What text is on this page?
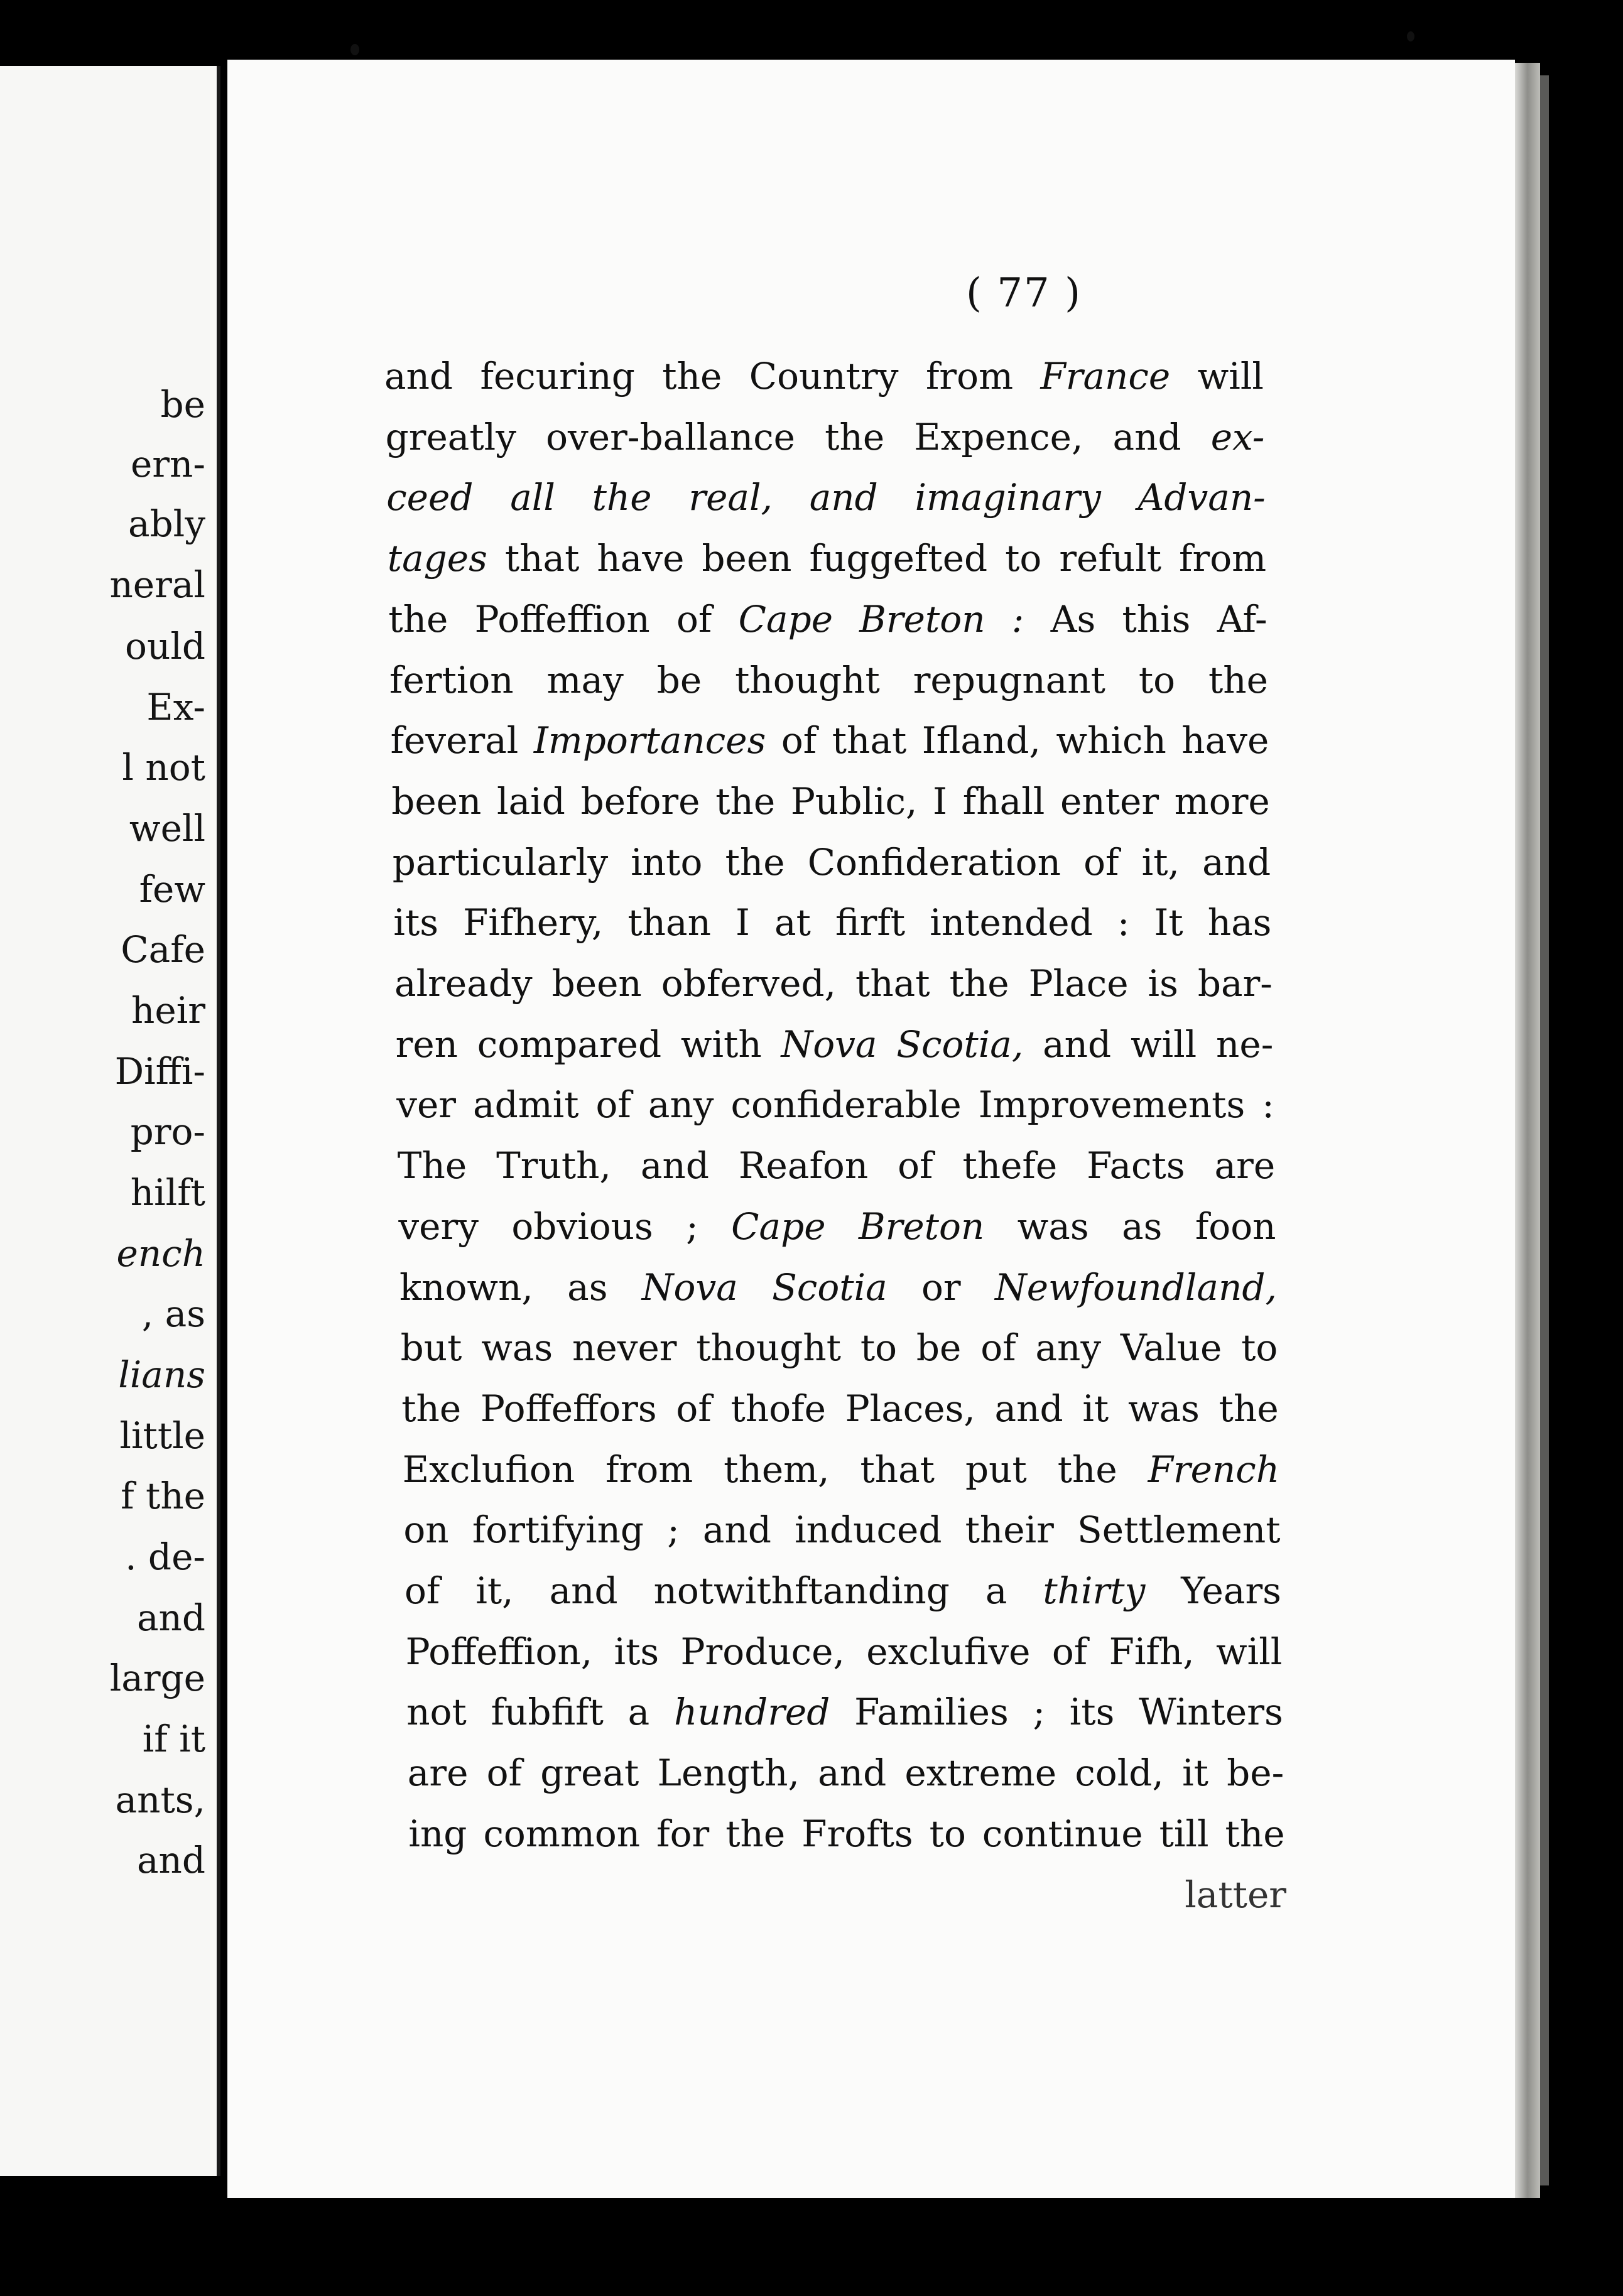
be
ern-
ably
neral
ould
Ex-
l not
well
few
Cafe
heir
Diffi-
pro-
hilft
ench
, as
lians
little
f the
. de-
and
large
if it
ants,
and
( 77 )
and fecuring the Country from France will
greatly over-ballance the Expence, and ex-
ceed all the real, and imaginary Advan-
tages that have been fuggefted to refult from
the Poffeffion of Cape Breton : As this Af-
fertion may be thought repugnant to the
feveral Importances of that Ifland, which have
been laid before the Public, I fhall enter more
particularly into the Confideration of it, and
its Fifhery, than I at firft intended : It has
already been obferved, that the Place is bar-
ren compared with Nova Scotia, and will ne-
ver admit of any confiderable Improvements :
The Truth, and Reafon of thefe Facts are
very obvious ; Cape Breton was as foon
known, as Nova Scotia or Newfoundland,
but was never thought to be of any Value to
the Poffeffors of thofe Places, and it was the
Exclufion from them, that put the French
on fortifying ; and induced their Settlement
of it, and notwithftanding a thirty Years
Poffeffion, its Produce, exclufive of Fifh, will
not fubfift a hundred Families ; its Winters
are of great Length, and extreme cold, it be-
ing common for the Frofts to continue till the
latter
